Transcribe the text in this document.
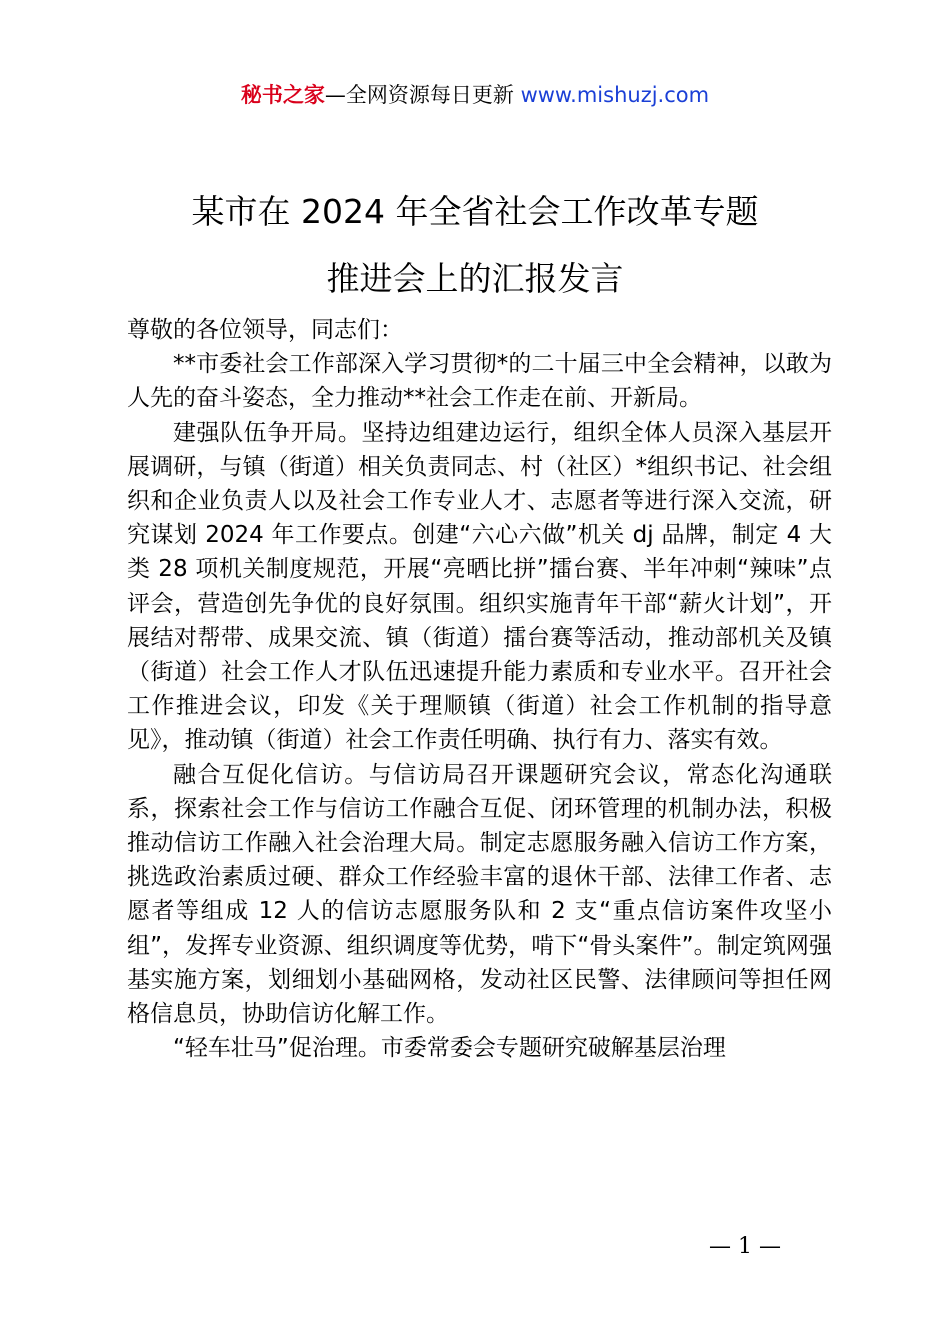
秘书之家—全网资源每日更新 www.mishuzj.com
某市在 2024 年全省社会工作改革专题
推进会上的汇报发言

尊敬的各位领导，同志们：

**市委社会工作部深入学习贯彻*的二十届三中全会精神，以敢为人先的奋斗姿态，全力推动**社会工作走在前、开新局。

建强队伍争开局。坚持边组建边运行，组织全体人员深入基层开展调研，与镇（街道）相关负责同志、村（社区）*组织书记、社会组织和企业负责人以及社会工作专业人才、志愿者等进行深入交流，研究谋划 2024 年工作要点。创建“六心六做”机关 dj 品牌，制定 4 大类 28 项机关制度规范，开展“亮晒比拼”擂台赛、半年冲刺“辣味”点评会，营造创先争优的良好氛围。组织实施青年干部“薪火计划”，开展结对帮带、成果交流、镇（街道）擂台赛等活动，推动部机关及镇（街道）社会工作人才队伍迅速提升能力素质和专业水平。召开社会工作推进会议，印发《关于理顺镇（街道）社会工作机制的指导意见》，推动镇（街道）社会工作责任明确、执行有力、落实有效。

融合互促化信访。与信访局召开课题研究会议，常态化沟通联系，探索社会工作与信访工作融合互促、闭环管理的机制办法，积极推动信访工作融入社会治理大局。制定志愿服务融入信访工作方案，挑选政治素质过硬、群众工作经验丰富的退休干部、法律工作者、志愿者等组成 12 人的信访志愿服务队和 2 支“重点信访案件攻坚小组”，发挥专业资源、组织调度等优势，啃下“骨头案件”。制定筑网强基实施方案，划细划小基础网格，发动社区民警、法律顾问等担任网格信息员，协助信访化解工作。

“轻车壮马”促治理。市委常委会专题研究破解基层治理

— 1 —
